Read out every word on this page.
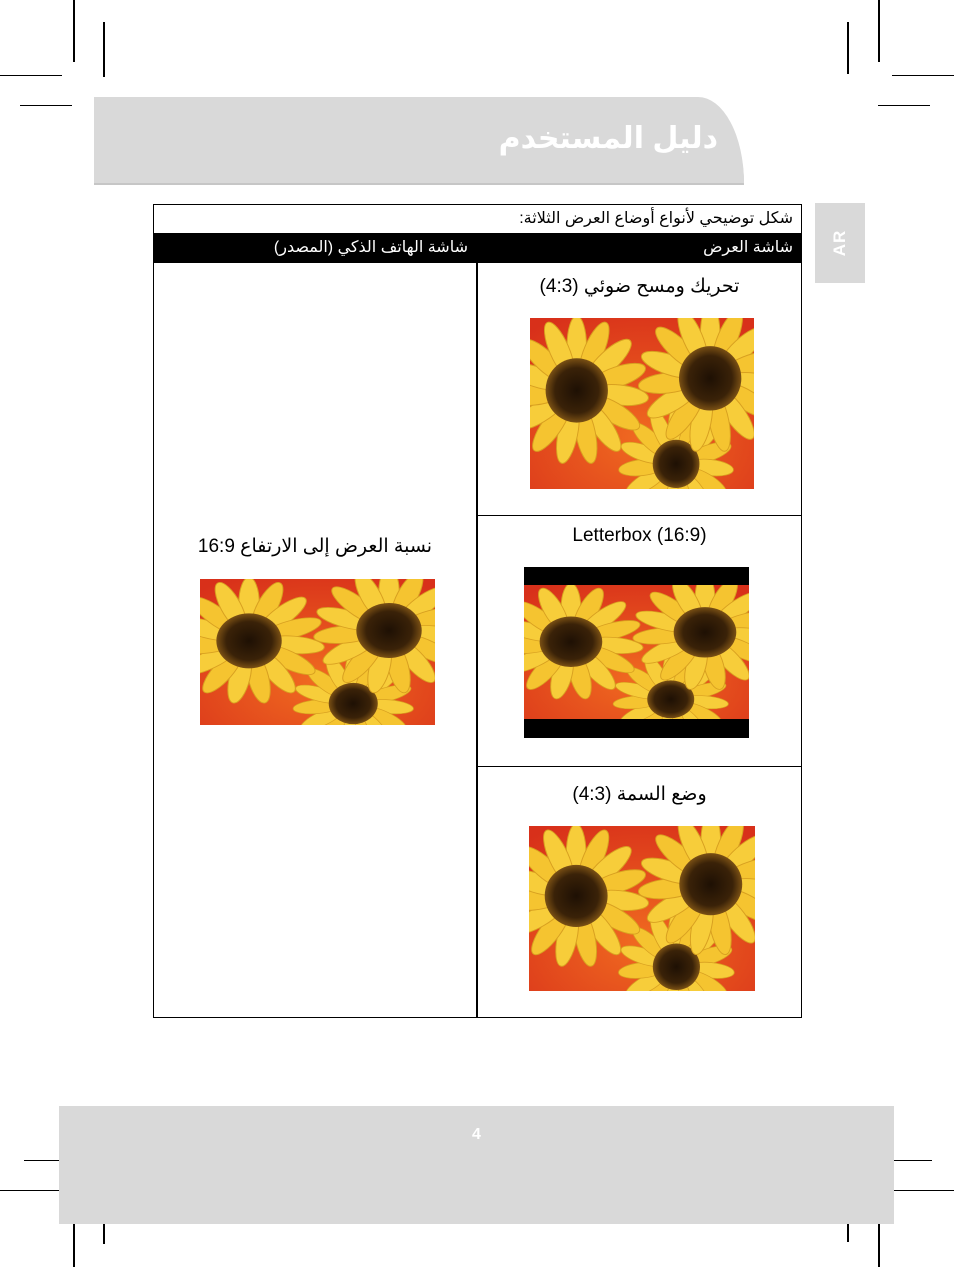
دليل المستخدم
AR
شكل توضيحي لأنواع أوضاع العرض الثلاثة:
شاشة العرض
شاشة الهاتف الذكي (المصدر)
تحريك ومسح ضوئي (4:3)
Letterbox (16:9)
وضع السمة (4:3)
نسبة العرض إلى الارتفاع 16:9
4
